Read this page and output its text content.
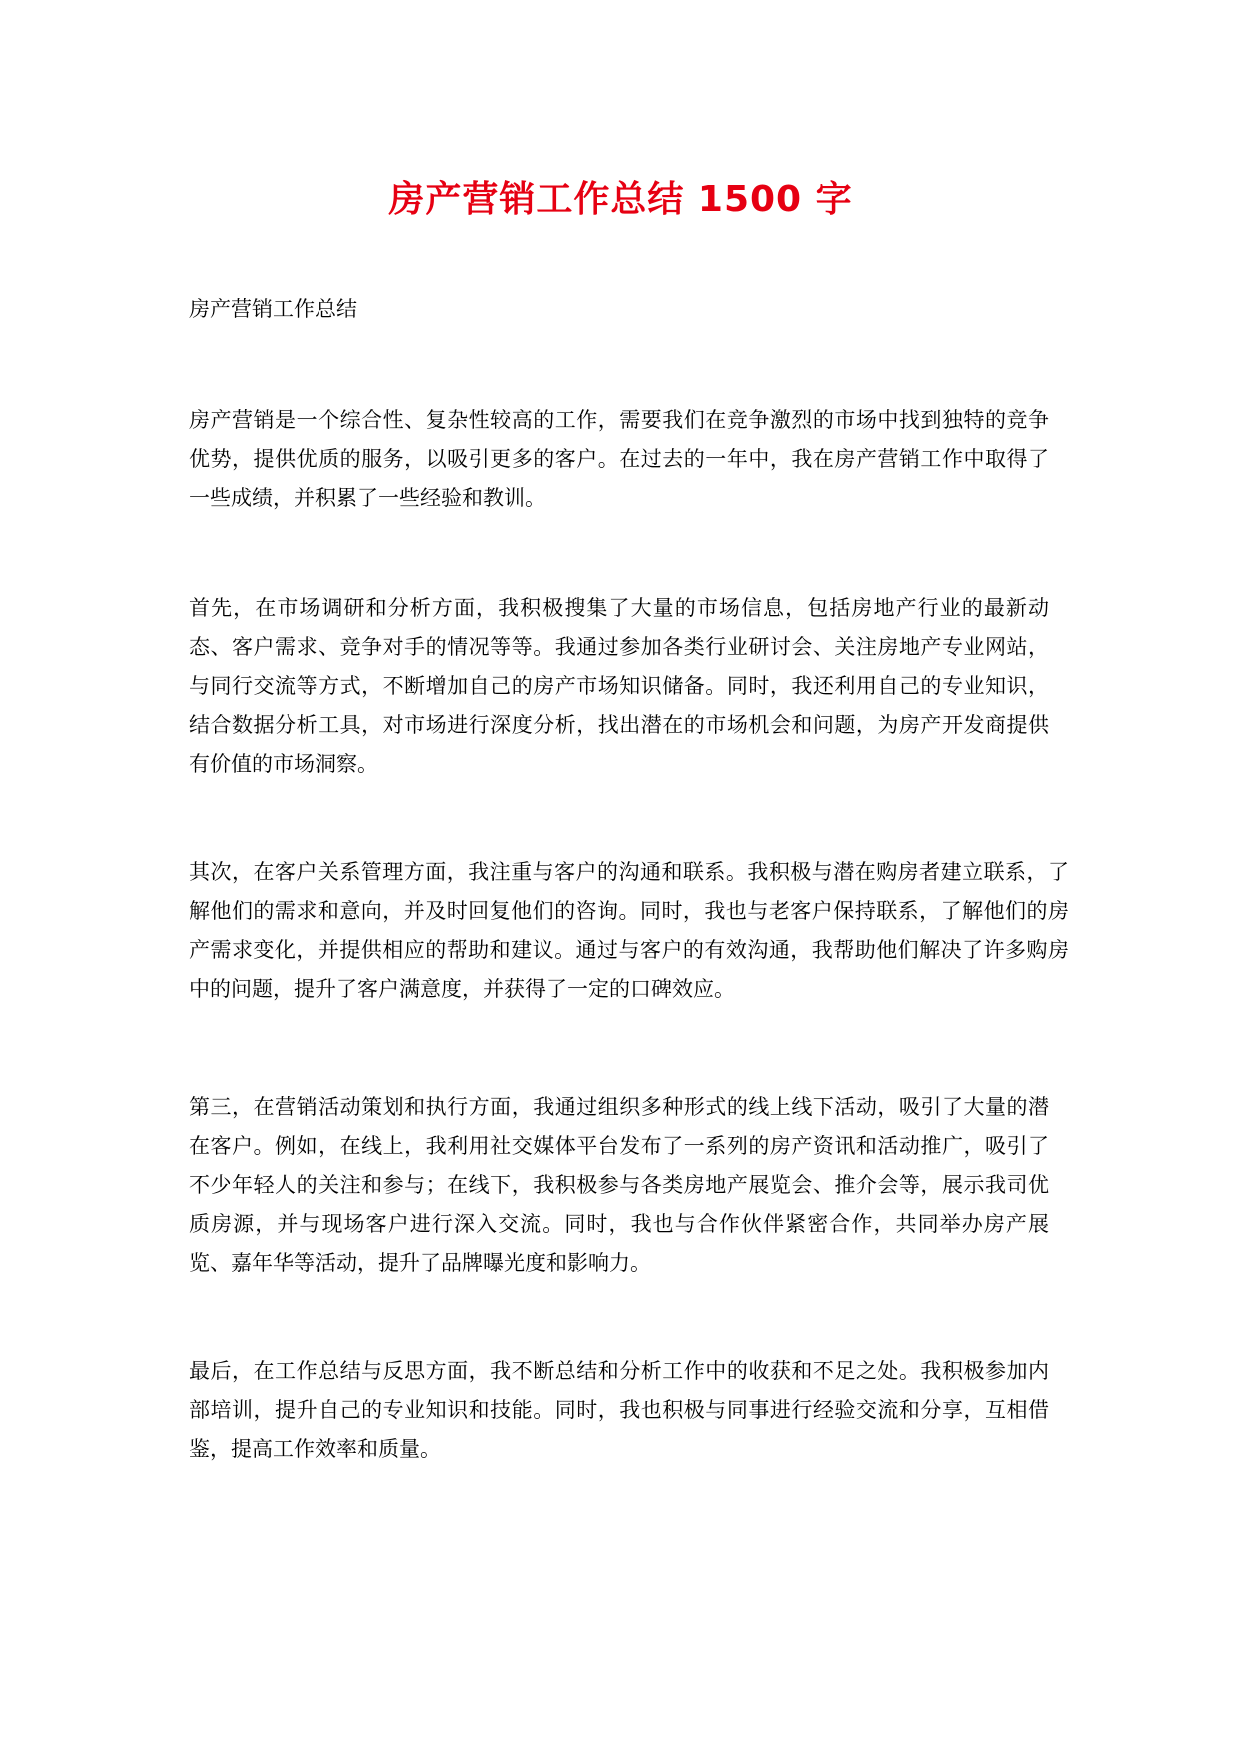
房产营销工作总结 1500 字

房产营销工作总结

房产营销是一个综合性、复杂性较高的工作，需要我们在竞争激烈的市场中找到独特的竞争优势，提供优质的服务，以吸引更多的客户。在过去的一年中，我在房产营销工作中取得了一些成绩，并积累了一些经验和教训。

首先，在市场调研和分析方面，我积极搜集了大量的市场信息，包括房地产行业的最新动态、客户需求、竞争对手的情况等等。我通过参加各类行业研讨会、关注房地产专业网站，与同行交流等方式，不断增加自己的房产市场知识储备。同时，我还利用自己的专业知识，结合数据分析工具，对市场进行深度分析，找出潜在的市场机会和问题，为房产开发商提供有价值的市场洞察。

其次，在客户关系管理方面，我注重与客户的沟通和联系。我积极与潜在购房者建立联系，了解他们的需求和意向，并及时回复他们的咨询。同时，我也与老客户保持联系，了解他们的房产需求变化，并提供相应的帮助和建议。通过与客户的有效沟通，我帮助他们解决了许多购房中的问题，提升了客户满意度，并获得了一定的口碑效应。

第三，在营销活动策划和执行方面，我通过组织多种形式的线上线下活动，吸引了大量的潜在客户。例如，在线上，我利用社交媒体平台发布了一系列的房产资讯和活动推广，吸引了不少年轻人的关注和参与；在线下，我积极参与各类房地产展览会、推介会等，展示我司优质房源，并与现场客户进行深入交流。同时，我也与合作伙伴紧密合作，共同举办房产展览、嘉年华等活动，提升了品牌曝光度和影响力。

最后，在工作总结与反思方面，我不断总结和分析工作中的收获和不足之处。我积极参加内部培训，提升自己的专业知识和技能。同时，我也积极与同事进行经验交流和分享，互相借鉴，提高工作效率和质量。
